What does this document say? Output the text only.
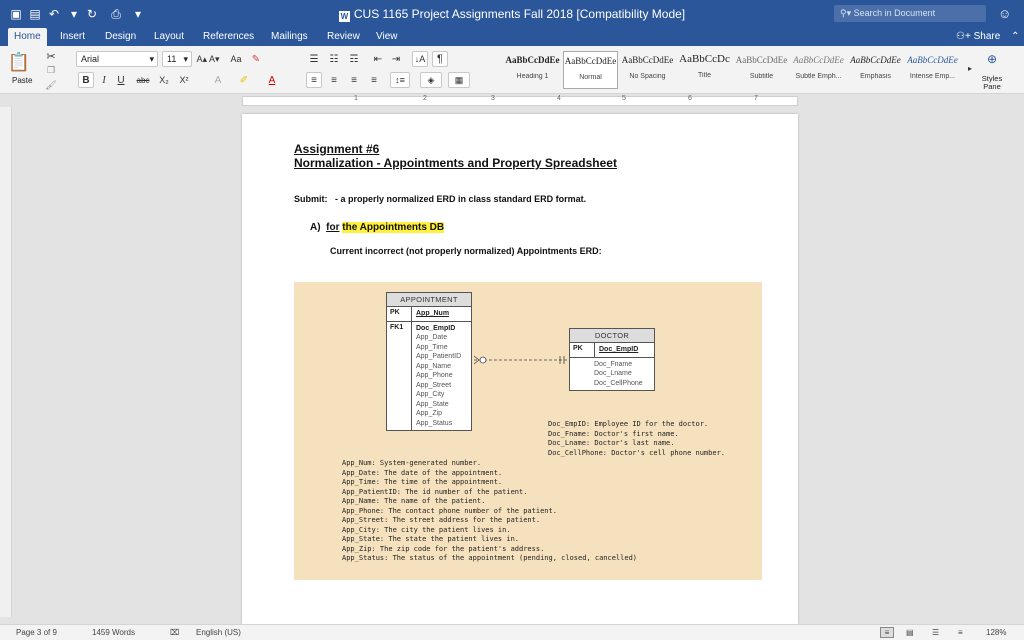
▣ ▤ ↶ ▾ ↻ ⎙	▾	W CUS 1165 Project Assignments Fall 2018 [Compatibility Mode]	⚲▾ Search in Document	☺
Home	Insert	Design	Layout	References	Mailings	Review	View	⚇+ Share ⌃
📋
Paste
✂
❐
🖌
Arial	▾	11 ▾ A▴ A▾ Aa	✎
B	I	U	abc	X₂	X²	A	✐	A
☰	☷	☶	⇤ ⇥	↓A	¶
≡	≡	≡	≡	↕≡	◈	▦
AaBbCcDdEe
Heading 1
AaBbCcDdEe
Normal
AaBbCcDdEe
No Spacing
AaBbCcDc
Title
AaBbCcDdEe
Subtitle
AaBbCcDdEe
Subtle Emph...
AaBbCcDdEe
Emphasis
AaBbCcDdEe
Intense Emp...
▸
⊕
Styles Pane
1	2	3	4	5	6	7
Assignment #6
Normalization - Appointments and Property Spreadsheet
Submit: - a properly normalized ERD in class standard ERD format.
A) for the Appointments DB
Current incorrect (not properly normalized) Appointments ERD:
APPOINTMENT
PK	App_Num
FK1	Doc_EmpID
App_Date
App_Time
App_PatientID
App_Name
App_Phone
App_Street
App_City
App_State
App_Zip
App_Status
DOCTOR
PK	Doc_EmpID
Doc_Fname
Doc_Lname
Doc_CellPhone
Doc_EmpID: Employee ID for the doctor.
Doc_Fname: Doctor's first name.
Doc_Lname: Doctor's last name.
Doc_CellPhone: Doctor's cell phone number.
App_Num: System-generated number.
App_Date: The date of the appointment.
App_Time: The time of the appointment.
App_PatientID: The id number of the patient.
App_Name: The name of the patient.
App_Phone: The contact phone number of the patient.
App_Street: The street address for the patient.
App_City: The city the patient lives in.
App_State: The state the patient lives in.
App_Zip: The zip code for the patient's address.
App_Status: The status of the appointment (pending, closed, cancelled)
Page 3 of 9	1459 Words	⌧ English (US)	≡	▤ ☰ ≡	128%
